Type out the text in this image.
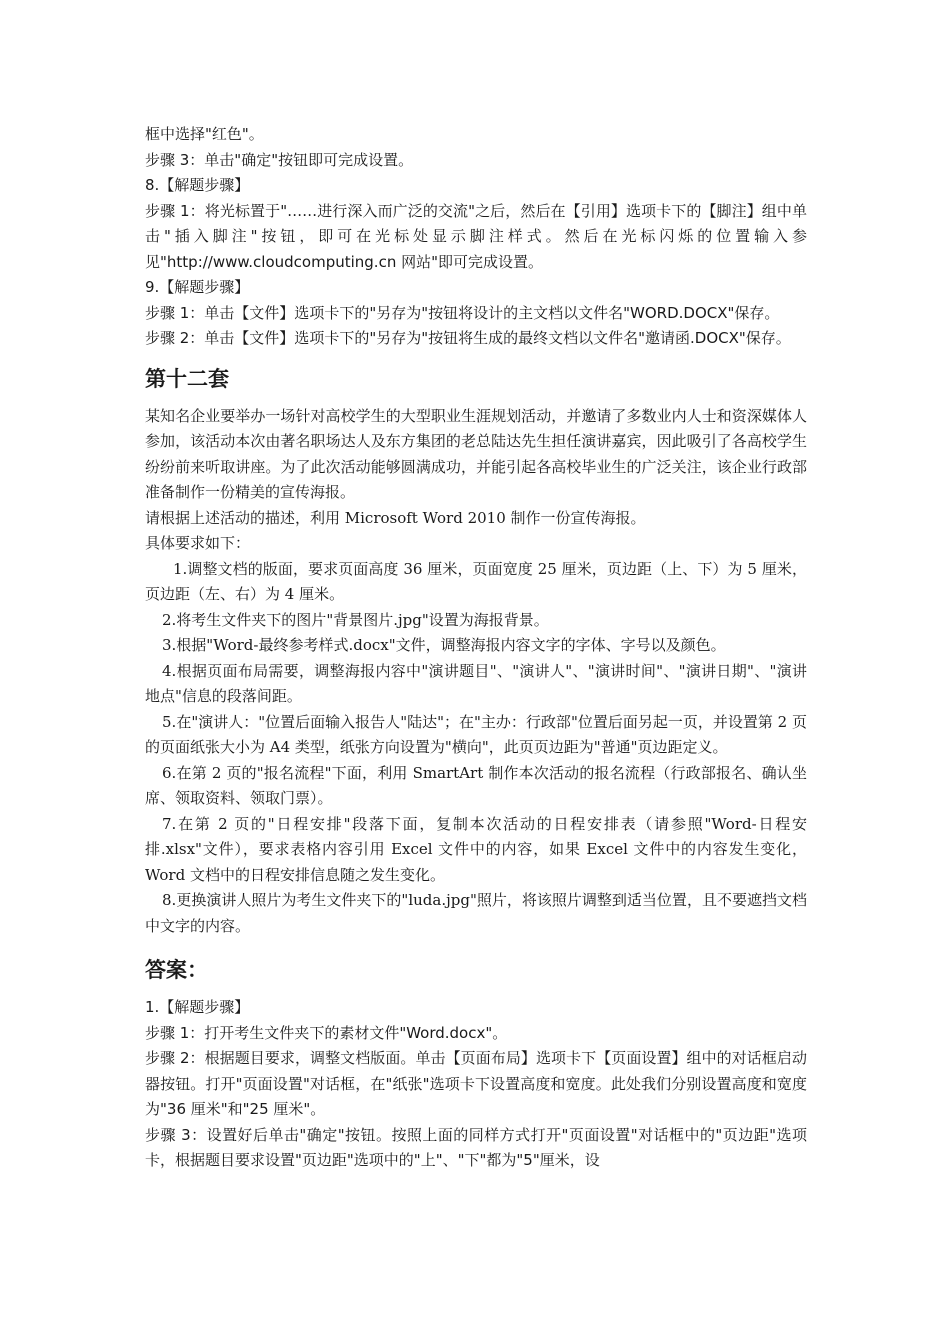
框中选择"红色"。

步骤 3：单击"确定"按钮即可完成设置。

8.【解题步骤】

步骤 1：将光标置于"……进行深入而广泛的交流"之后，然后在【引用】选项卡下的【脚注】组中单击"插入脚注"按钮，即可在光标处显示脚注样式。然后在光标闪烁的位置输入参见"http://www.cloudcomputing.cn 网站"即可完成设置。

9.【解题步骤】

步骤 1：单击【文件】选项卡下的"另存为"按钮将设计的主文档以文件名"WORD.DOCX"保存。

步骤 2：单击【文件】选项卡下的"另存为"按钮将生成的最终文档以文件名"邀请函.DOCX"保存。

第十二套

某知名企业要举办一场针对高校学生的大型职业生涯规划活动，并邀请了多数业内人士和资深媒体人参加，该活动本次由著名职场达人及东方集团的老总陆达先生担任演讲嘉宾，因此吸引了各高校学生纷纷前来听取讲座。为了此次活动能够圆满成功，并能引起各高校毕业生的广泛关注，该企业行政部准备制作一份精美的宣传海报。

请根据上述活动的描述，利用 Microsoft Word 2010 制作一份宣传海报。

具体要求如下：

1.调整文档的版面，要求页面高度 36 厘米，页面宽度 25 厘米，页边距（上、下）为 5 厘米，页边距（左、右）为 4 厘米。

2.将考生文件夹下的图片"背景图片.jpg"设置为海报背景。

3.根据"Word-最终参考样式.docx"文件，调整海报内容文字的字体、字号以及颜色。

4.根据页面布局需要，调整海报内容中"演讲题目"、"演讲人"、"演讲时间"、"演讲日期"、"演讲地点"信息的段落间距。

5.在"演讲人："位置后面输入报告人"陆达"；在"主办：行政部"位置后面另起一页，并设置第 2 页的页面纸张大小为 A4 类型，纸张方向设置为"横向"，此页页边距为"普通"页边距定义。

6.在第 2 页的"报名流程"下面，利用 SmartArt 制作本次活动的报名流程（行政部报名、确认坐席、领取资料、领取门票）。

7.在第 2 页的"日程安排"段落下面，复制本次活动的日程安排表（请参照"Word-日程安排.xlsx"文件），要求表格内容引用 Excel 文件中的内容，如果 Excel 文件中的内容发生变化，Word 文档中的日程安排信息随之发生变化。

8.更换演讲人照片为考生文件夹下的"luda.jpg"照片，将该照片调整到适当位置，且不要遮挡文档中文字的内容。

答案：

1.【解题步骤】

步骤 1：打开考生文件夹下的素材文件"Word.docx"。

步骤 2：根据题目要求，调整文档版面。单击【页面布局】选项卡下【页面设置】组中的对话框启动器按钮。打开"页面设置"对话框，在"纸张"选项卡下设置高度和宽度。此处我们分别设置高度和宽度为"36 厘米"和"25 厘米"。

步骤 3：设置好后单击"确定"按钮。按照上面的同样方式打开"页面设置"对话框中的"页边距"选项卡，根据题目要求设置"页边距"选项中的"上"、"下"都为"5"厘米，设
